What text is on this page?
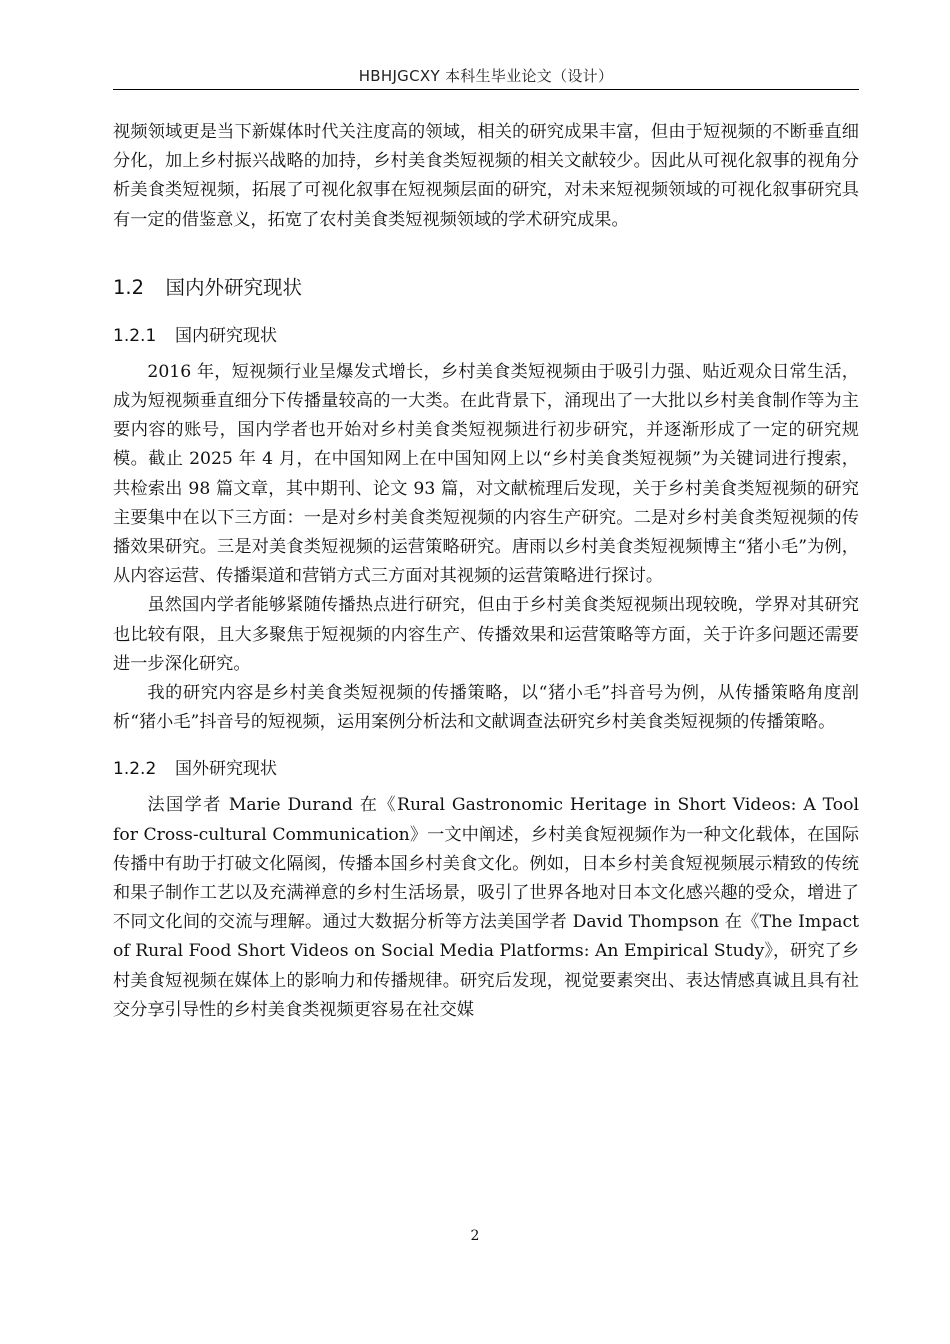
HBHJGCXY 本科生毕业论文（设计）

视频领域更是当下新媒体时代关注度高的领域，相关的研究成果丰富，但由于短视频的不断垂直细分化，加上乡村振兴战略的加持，乡村美食类短视频的相关文献较少。因此从可视化叙事的视角分析美食类短视频，拓展了可视化叙事在短视频层面的研究，对未来短视频领域的可视化叙事研究具有一定的借鉴意义，拓宽了农村美食类短视频领域的学术研究成果。

1.2 国内外研究现状
1.2.1 国内研究现状

2016 年，短视频行业呈爆发式增长，乡村美食类短视频由于吸引力强、贴近观众日常生活，成为短视频垂直细分下传播量较高的一大类。在此背景下，涌现出了一大批以乡村美食制作等为主要内容的账号，国内学者也开始对乡村美食类短视频进行初步研究，并逐渐形成了一定的研究规模。截止 2025 年 4 月，在中国知网上在中国知网上以“乡村美食类短视频”为关键词进行搜索，共检索出 98 篇文章，其中期刊、论文 93 篇，对文献梳理后发现，关于乡村美食类短视频的研究主要集中在以下三方面：一是对乡村美食类短视频的内容生产研究。二是对乡村美食类短视频的传播效果研究。三是对美食类短视频的运营策略研究。唐雨以乡村美食类短视频博主“猪小毛”为例，从内容运营、传播渠道和营销方式三方面对其视频的运营策略进行探讨。

虽然国内学者能够紧随传播热点进行研究，但由于乡村美食类短视频出现较晚，学界对其研究也比较有限，且大多聚焦于短视频的内容生产、传播效果和运营策略等方面，关于许多问题还需要进一步深化研究。

我的研究内容是乡村美食类短视频的传播策略，以“猪小毛”抖音号为例，从传播策略角度剖析“猪小毛”抖音号的短视频，运用案例分析法和文献调查法研究乡村美食类短视频的传播策略。

1.2.2 国外研究现状

法国学者 Marie Durand 在《Rural Gastronomic Heritage in Short Videos: A Tool for Cross-cultural Communication》一文中阐述，乡村美食短视频作为一种文化载体，在国际传播中有助于打破文化隔阂，传播本国乡村美食文化。例如，日本乡村美食短视频展示精致的传统和果子制作工艺以及充满禅意的乡村生活场景，吸引了世界各地对日本文化感兴趣的受众，增进了不同文化间的交流与理解。通过大数据分析等方法美国学者 David Thompson 在《The Impact of Rural Food Short Videos on Social Media Platforms: An Empirical Study》，研究了乡村美食短视频在媒体上的影响力和传播规律。研究后发现，视觉要素突出、表达情感真诚且具有社交分享引导性的乡村美食类视频更容易在社交媒

2
